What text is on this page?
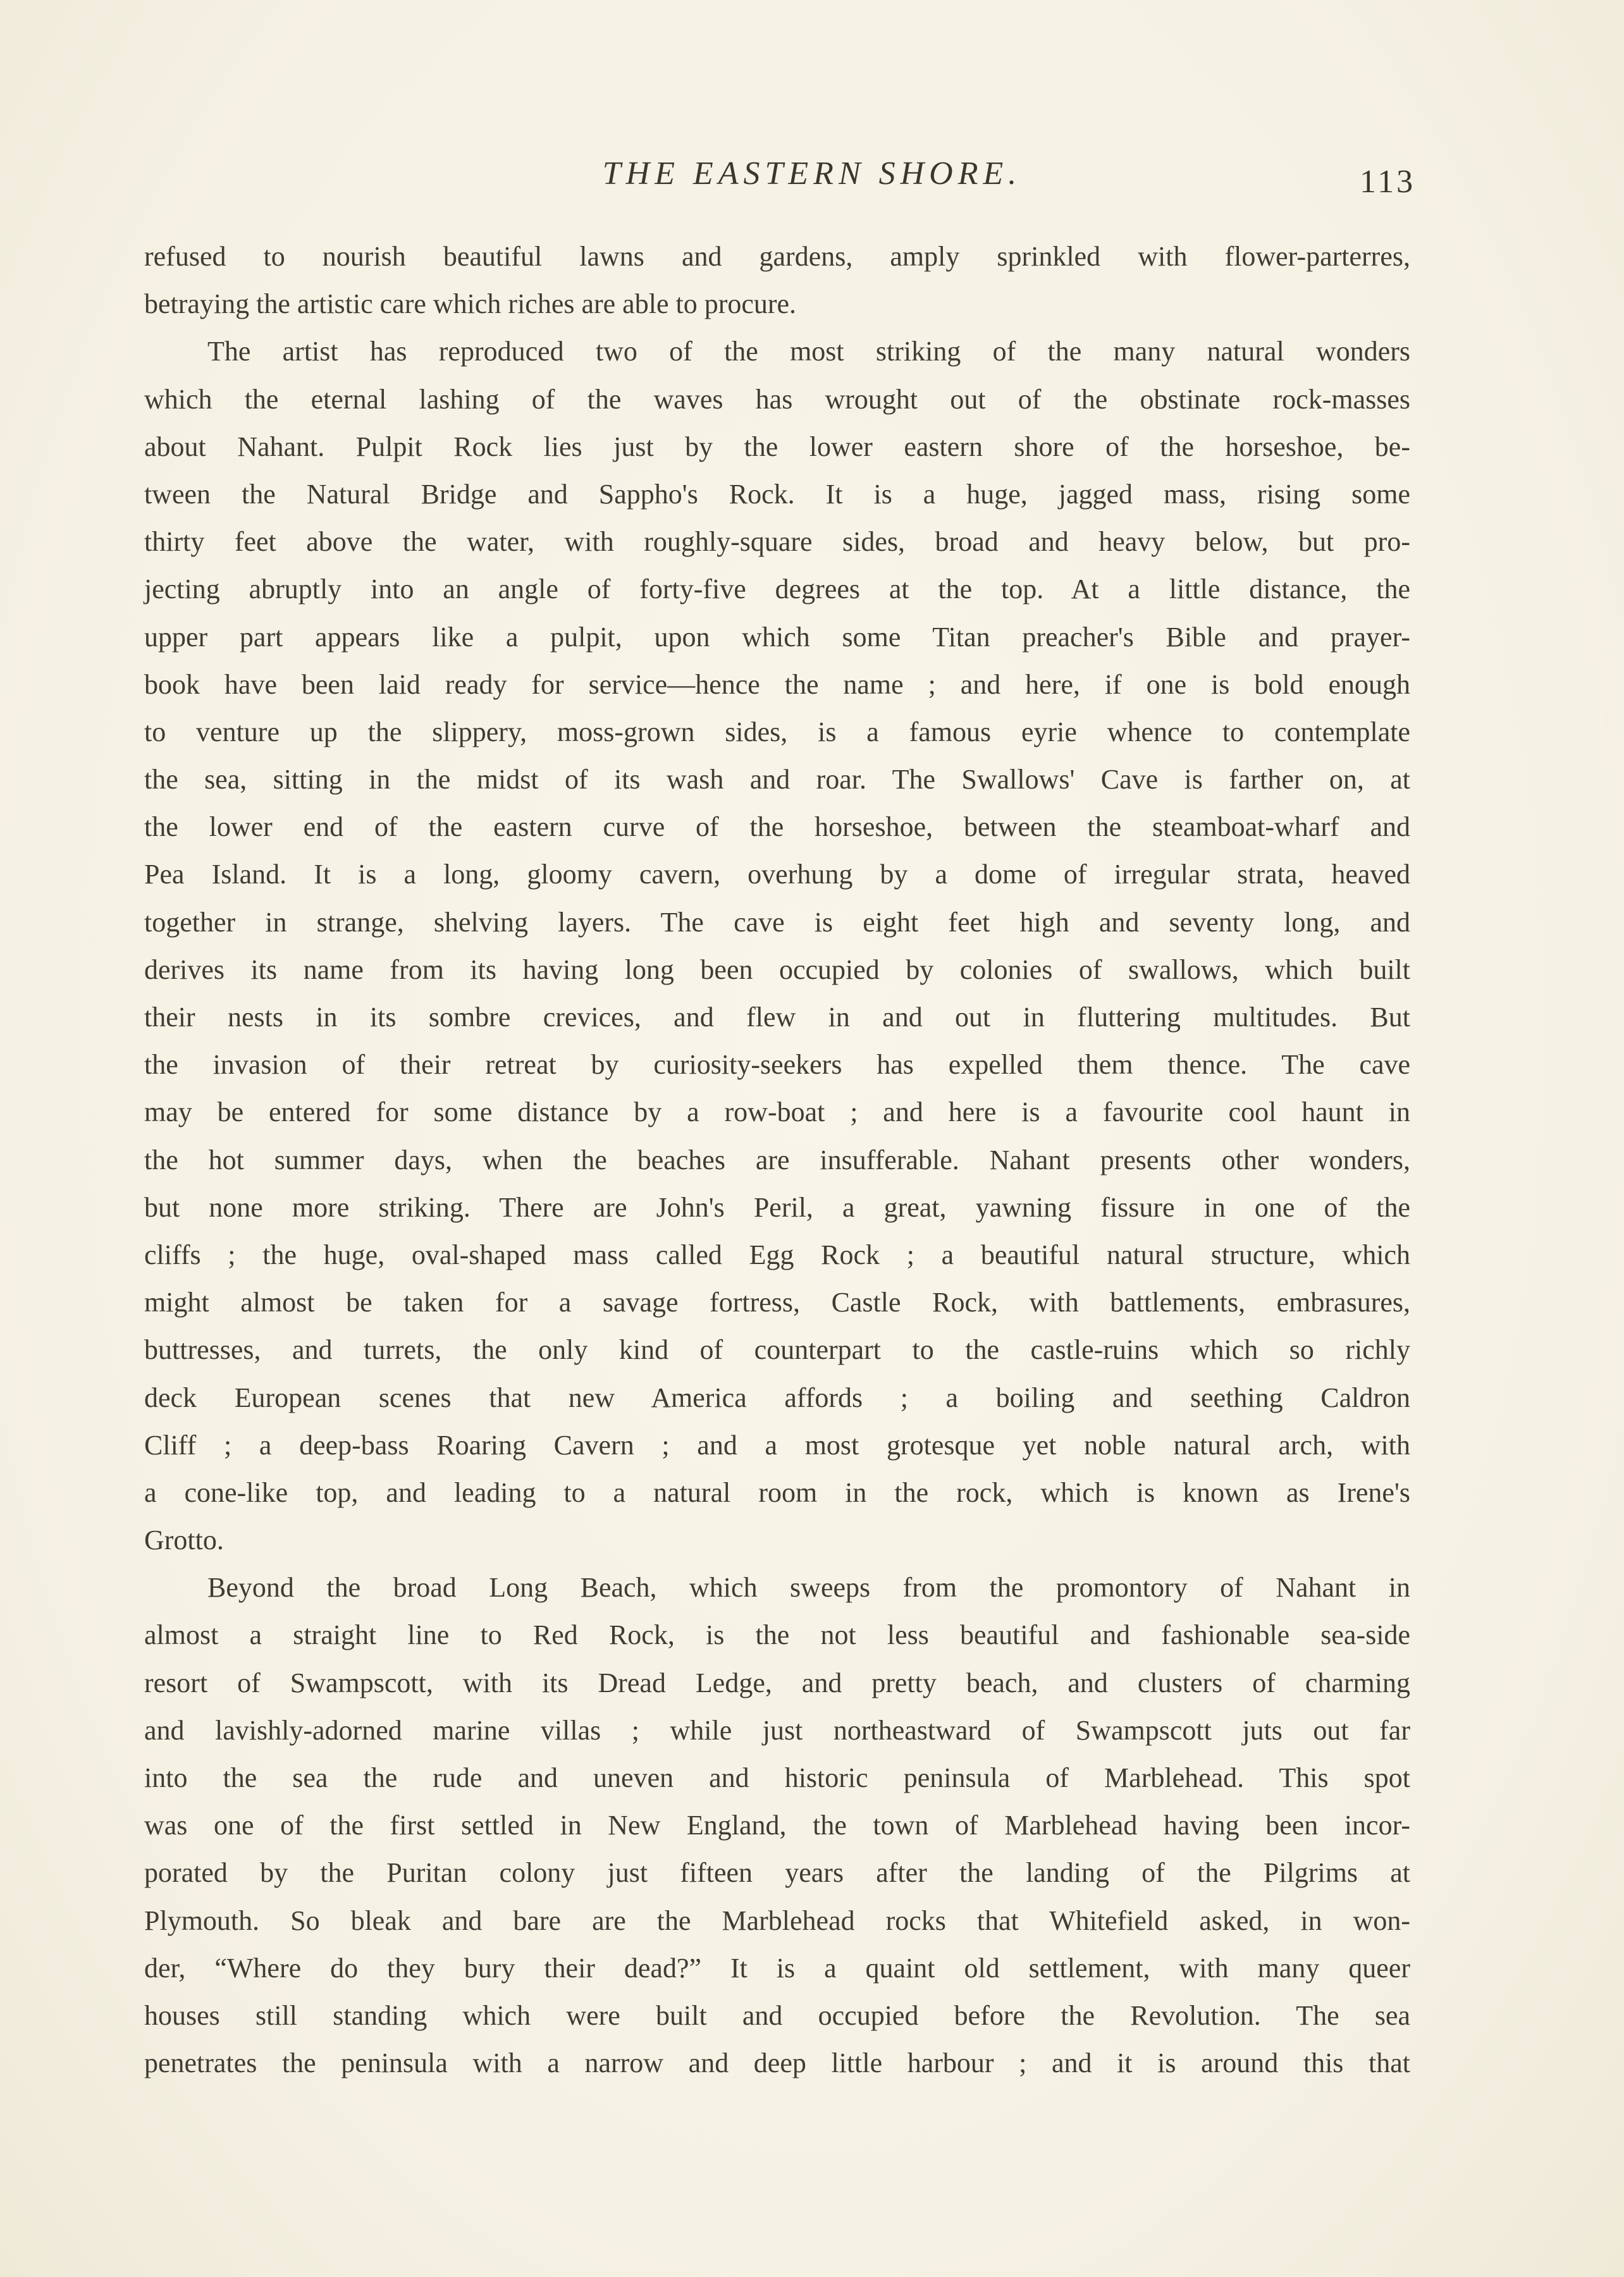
THE EASTERN SHORE.	113
refused to nourish beautiful lawns and gardens, amply sprinkled with flower-parterres,
betraying the artistic care which riches are able to procure.
The artist has reproduced two of the most striking of the many natural wonders
which the eternal lashing of the waves has wrought out of the obstinate rock-masses
about Nahant. Pulpit Rock lies just by the lower eastern shore of the horseshoe, be-
tween the Natural Bridge and Sappho's Rock. It is a huge, jagged mass, rising some
thirty feet above the water, with roughly-square sides, broad and heavy below, but pro-
jecting abruptly into an angle of forty-five degrees at the top. At a little distance, the
upper part appears like a pulpit, upon which some Titan preacher's Bible and prayer-
book have been laid ready for service—hence the name ; and here, if one is bold enough
to venture up the slippery, moss-grown sides, is a famous eyrie whence to contemplate
the sea, sitting in the midst of its wash and roar. The Swallows' Cave is farther on, at
the lower end of the eastern curve of the horseshoe, between the steamboat-wharf and
Pea Island. It is a long, gloomy cavern, overhung by a dome of irregular strata, heaved
together in strange, shelving layers. The cave is eight feet high and seventy long, and
derives its name from its having long been occupied by colonies of swallows, which built
their nests in its sombre crevices, and flew in and out in fluttering multitudes. But
the invasion of their retreat by curiosity-seekers has expelled them thence. The cave
may be entered for some distance by a row-boat ; and here is a favourite cool haunt in
the hot summer days, when the beaches are insufferable. Nahant presents other wonders,
but none more striking. There are John's Peril, a great, yawning fissure in one of the
cliffs ; the huge, oval-shaped mass called Egg Rock ; a beautiful natural structure, which
might almost be taken for a savage fortress, Castle Rock, with battlements, embrasures,
buttresses, and turrets, the only kind of counterpart to the castle-ruins which so richly
deck European scenes that new America affords ; a boiling and seething Caldron
Cliff ; a deep-bass Roaring Cavern ; and a most grotesque yet noble natural arch, with
a cone-like top, and leading to a natural room in the rock, which is known as Irene's
Grotto.
Beyond the broad Long Beach, which sweeps from the promontory of Nahant in
almost a straight line to Red Rock, is the not less beautiful and fashionable sea-side
resort of Swampscott, with its Dread Ledge, and pretty beach, and clusters of charming
and lavishly-adorned marine villas ; while just northeastward of Swampscott juts out far
into the sea the rude and uneven and historic peninsula of Marblehead. This spot
was one of the first settled in New England, the town of Marblehead having been incor-
porated by the Puritan colony just fifteen years after the landing of the Pilgrims at
Plymouth. So bleak and bare are the Marblehead rocks that Whitefield asked, in won-
der, “Where do they bury their dead?” It is a quaint old settlement, with many queer
houses still standing which were built and occupied before the Revolution. The sea
penetrates the peninsula with a narrow and deep little harbour ; and it is around this that
